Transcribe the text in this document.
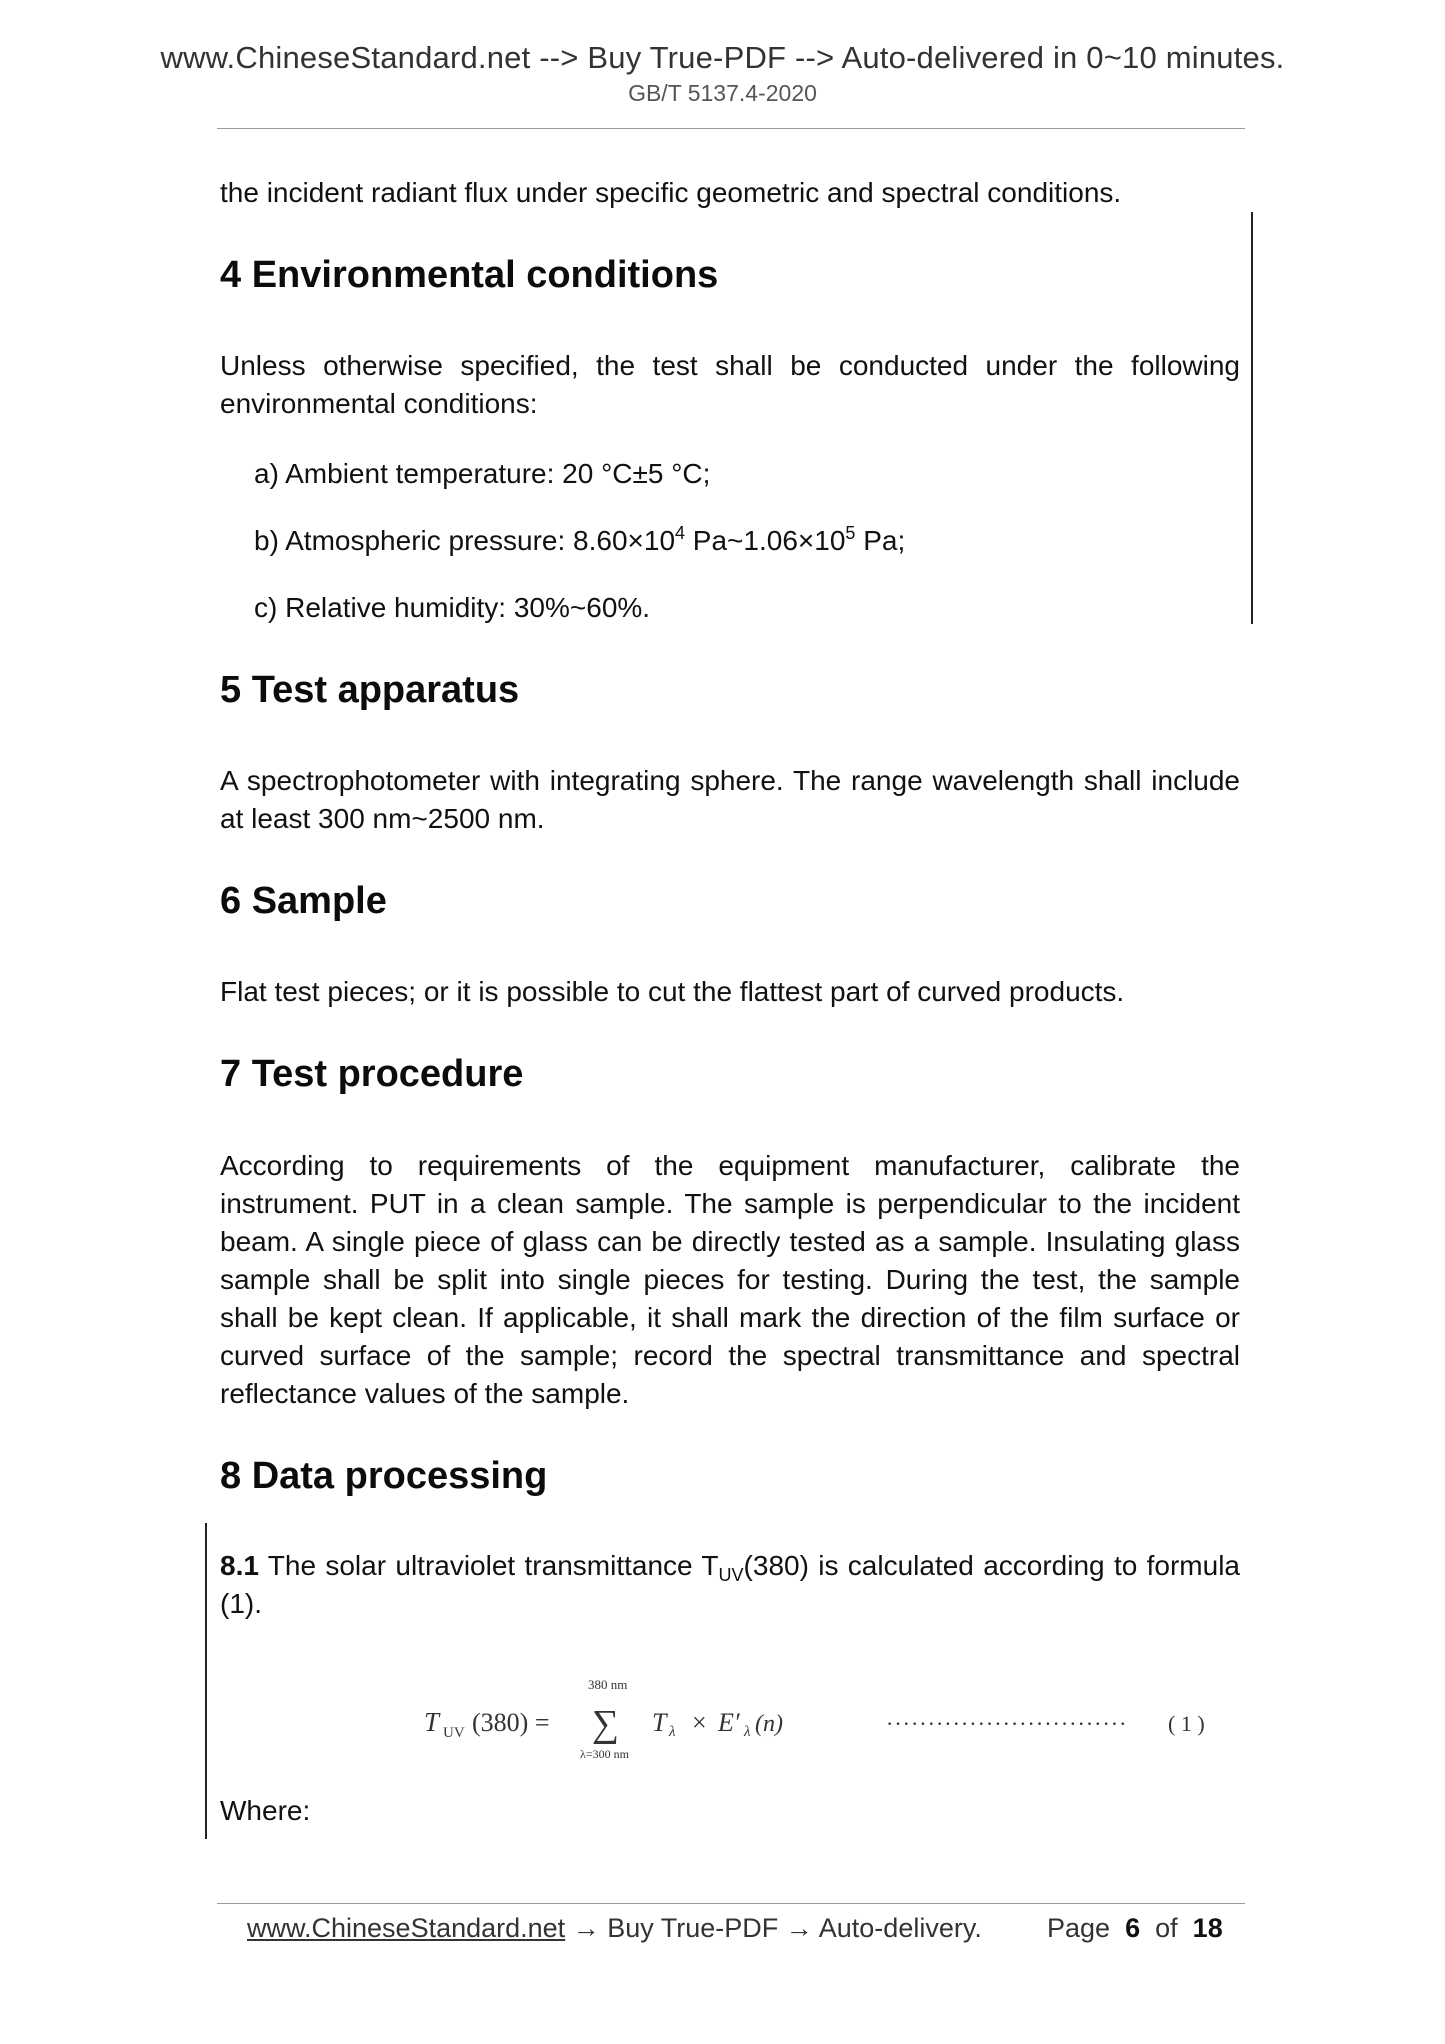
www.ChineseStandard.net --> Buy True-PDF --> Auto-delivered in 0~10 minutes.
GB/T 5137.4-2020

the incident radiant flux under specific geometric and spectral conditions.

4 Environmental conditions

Unless otherwise specified, the test shall be conducted under the following environmental conditions:

a) Ambient temperature: 20 °C±5 °C;

b) Atmospheric pressure: $8.60\times 10^4$ $Pa\sim 1.06\times 10^5$ Pa;

c) Relative humidity: 30%~60%.

5 Test apparatus

A spectrophotometer with integrating sphere. The range wavelength shall include at least 300 nm~2500 nm.

6 Sample

Flat test pieces; or it is possible to cut the flattest part of curved products.

7 Test procedure

According to requirements of the equipment manufacturer, calibrate the instrument. PUT in a clean sample. The sample is perpendicular to the incident beam. A single piece of glass can be directly tested as a sample. Insulating glass sample shall be split into single pieces for testing. During the test, the sample shall be kept clean. If applicable, it shall mark the direction of the film surface or curved surface of the sample; record the spectral transmittance and spectral reflectance values of the sample.

8 Data processing

8.1 The solar ultraviolet transmittance $T_{UV}(380)$ is calculated according to formula (1).

T UV (380) =
380 nm
∑
λ=300 nm
T λ × E′ λ (n)	····························· ( 1 )

Where:

www.ChineseStandard.net → Buy True-PDF → Auto-delivery. Page 6 of 18
